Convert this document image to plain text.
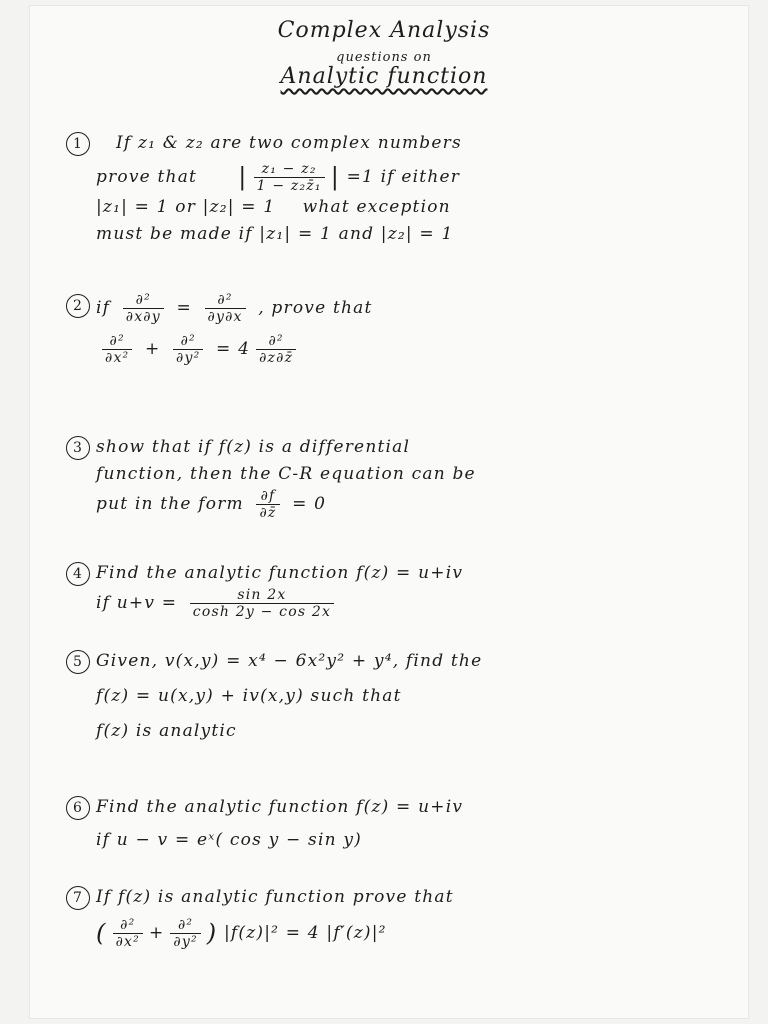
Complex Analysis
questions on
Analytic function
1	If z₁ & z₂ are two complex numbers
prove that | $\frac{\text{z₁ − z₂}}{\text{1 − z₂z̄₁}}$ | =1 if either
|z₁| = 1 or |z₂| = 1 what exception
must be made if |z₁| = 1 and |z₂| = 1
2 if $\frac{\text{∂²}}{\partial x\partial y} = \frac{\text{∂²}}{\partial y\partial x}$ , prove that
$\frac{\text{∂²}}{\text{∂x²}} + \frac{\text{∂²}}{\text{∂y²}} = 4 \frac{\text{∂²}}{\partial z\partial z̄}$
3 show that if f(z) is a differential
function, then the C-R equation can be
put in the form $\frac{\partial f}{\partial z̄} = 0$
4 Find the analytic function f(z) = u+iv
if $u+v = \frac{\sin 2x}{\cosh 2y - \cos 2x}$
5 Given, v(x,y) = x⁴ − 6x²y² + y⁴, find the
f(z) = u(x,y) + iv(x,y) such that
f(z) is analytic
6 Find the analytic function f(z) = u+iv
if u − v = eˣ( cos y − sin y)
7 If f(z) is analytic function prove that
( $\frac{\text{∂²}}{\text{∂x²}} + \frac{\text{∂²}}{\text{∂y²}}$ ) |f(z)|² = 4 |f′(z)|²
